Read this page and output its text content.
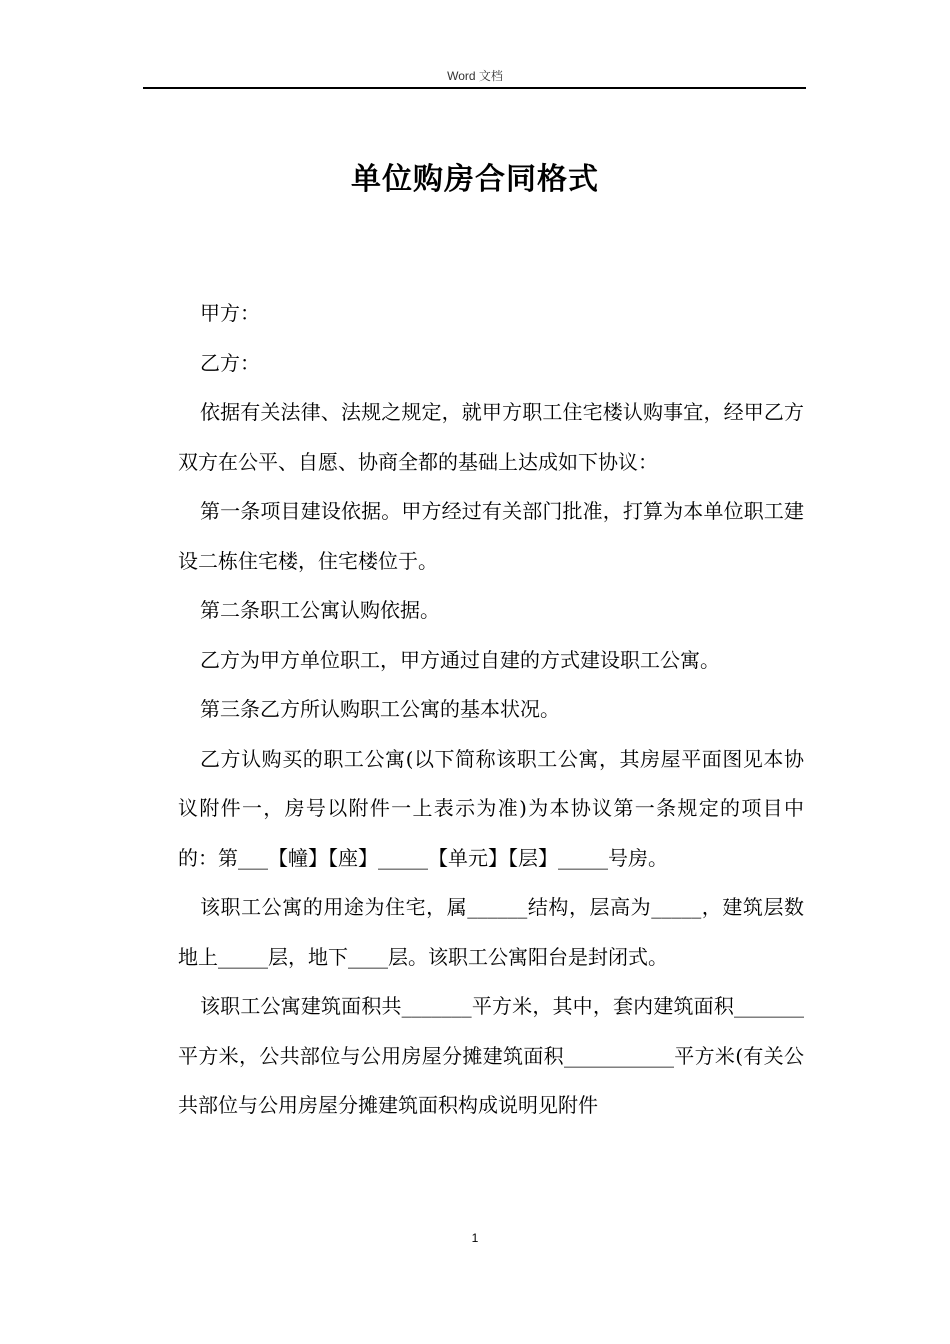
Word 文档
单位购房合同格式

甲方：

乙方：

依据有关法律、法规之规定，就甲方职工住宅楼认购事宜，经甲乙方双方在公平、自愿、协商全都的基础上达成如下协议：

第一条项目建设依据。甲方经过有关部门批准，打算为本单位职工建设二栋住宅楼，住宅楼位于。

第二条职工公寓认购依据。

乙方为甲方单位职工，甲方通过自建的方式建设职工公寓。

第三条乙方所认购职工公寓的基本状况。

乙方认购买的职工公寓(以下简称该职工公寓，其房屋平面图见本协议附件一，房号以附件一上表示为准)为本协议第一条规定的项目中的：第___【幢】【座】_____【单元】【层】_____号房。

该职工公寓的用途为住宅，属______结构，层高为_____，建筑层数地上_____层，地下____层。该职工公寓阳台是封闭式。

该职工公寓建筑面积共_______平方米，其中，套内建筑面积_______平方米，公共部位与公用房屋分摊建筑面积___________平方米(有关公共部位与公用房屋分摊建筑面积构成说明见附件

1
